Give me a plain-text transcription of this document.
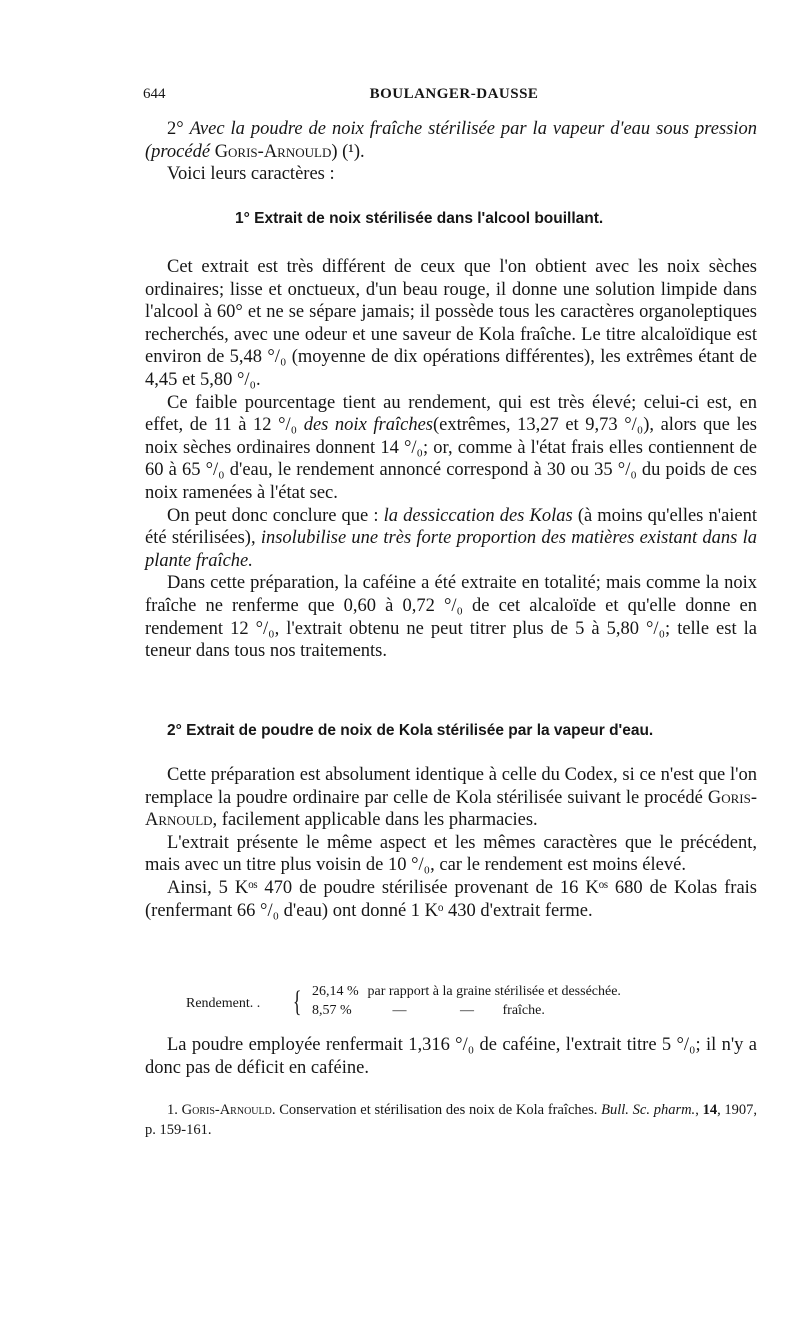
644	BOULANGER-DAUSSE

2° Avec la poudre de noix fraîche stérilisée par la vapeur d'eau sous pression (procédé Goris-Arnould) (¹).

Voici leurs caractères :

1° Extrait de noix stérilisée dans l'alcool bouillant.

Cet extrait est très différent de ceux que l'on obtient avec les noix sèches ordinaires; lisse et onctueux, d'un beau rouge, il donne une solution limpide dans l'alcool à 60° et ne se sépare jamais; il possède tous les caractères organoleptiques recherchés, avec une odeur et une saveur de Kola fraîche. Le titre alcaloïdique est environ de 5,48 °/₀ (moyenne de dix opérations différentes), les extrêmes étant de 4,45 et 5,80 °/₀.

Ce faible pourcentage tient au rendement, qui est très élevé; celui-ci est, en effet, de 11 à 12 °/₀ des noix fraîches(extrêmes, 13,27 et 9,73 °/₀), alors que les noix sèches ordinaires donnent 14 °/₀; or, comme à l'état frais elles contiennent de 60 à 65 °/₀ d'eau, le rendement annoncé correspond à 30 ou 35 °/₀ du poids de ces noix ramenées à l'état sec.

On peut donc conclure que : la dessiccation des Kolas (à moins qu'elles n'aient été stérilisées), insolubilise une très forte proportion des matières existant dans la plante fraîche.

Dans cette préparation, la caféine a été extraite en totalité; mais comme la noix fraîche ne renferme que 0,60 à 0,72 °/₀ de cet alcaloïde et qu'elle donne en rendement 12 °/₀, l'extrait obtenu ne peut titrer plus de 5 à 5,80 °/₀; telle est la teneur dans tous nos traitements.

2° Extrait de poudre de noix de Kola stérilisée par la vapeur d'eau.

Cette préparation est absolument identique à celle du Codex, si ce n'est que l'on remplace la poudre ordinaire par celle de Kola stérilisée suivant le procédé Goris-Arnould, facilement applicable dans les pharmacies.

L'extrait présente le même aspect et les mêmes caractères que le précédent, mais avec un titre plus voisin de 10 °/₀, car le rendement est moins élevé.

Ainsi, 5 Kᵒˢ 470 de poudre stérilisée provenant de 16 Kᵒˢ 680 de Kolas frais (renfermant 66 °/₀ d'eau) ont donné 1 Kᵒ 430 d'extrait ferme.

Rendement. . { 26,14 % par rapport à la graine stérilisée et desséchée.
8,57 %	—	— fraîche.

La poudre employée renfermait 1,316 °/₀ de caféine, l'extrait titre 5 °/₀; il n'y a donc pas de déficit en caféine.

1. Goris-Arnould. Conservation et stérilisation des noix de Kola fraîches. Bull. Sc. pharm., 14, 1907, p. 159-161.
